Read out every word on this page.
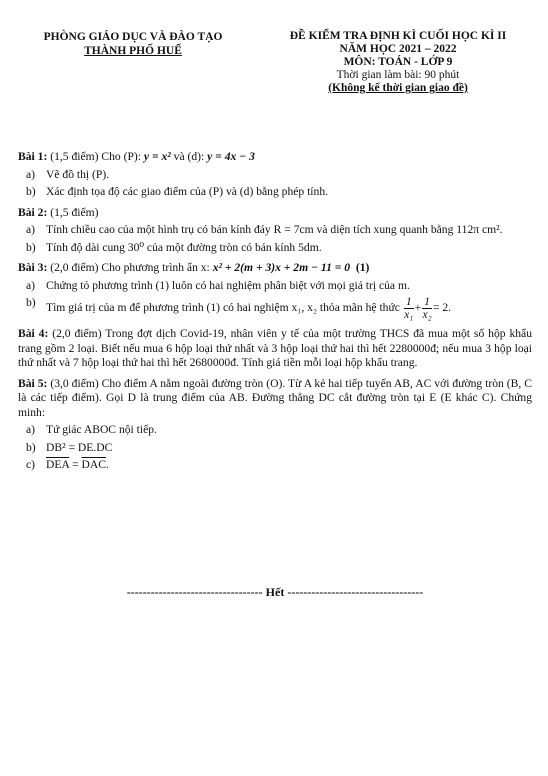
PHÒNG GIÁO DỤC VÀ ĐÀO TẠO
THÀNH PHỐ HUẾ
ĐỀ KIỂM TRA ĐỊNH KÌ CUỐI HỌC KÌ II
NĂM HỌC 2021 – 2022
MÔN: TOÁN - LỚP 9
Thời gian làm bài: 90 phút
(Không kể thời gian giao đề)
Bài 1: (1,5 điểm) Cho (P): y = x² và (d): y = 4x − 3
a) Vẽ đồ thị (P).
b) Xác định tọa độ các giao điểm của (P) và (d) bằng phép tính.
Bài 2: (1,5 điểm)
a) Tính chiều cao của một hình trụ có bán kính đáy R = 7cm và diện tích xung quanh bằng 112π cm².
b) Tính độ dài cung 30⁰ của một đường tròn có bán kính 5dm.
Bài 3: (2,0 điểm) Cho phương trình ẩn x: x² + 2(m + 3)x + 2m − 11 = 0 (1)
a) Chứng tỏ phương trình (1) luôn có hai nghiệm phân biệt với mọi giá trị của m.
b) Tìm giá trị của m để phương trình (1) có hai nghiệm x₁, x₂ thỏa mãn hệ thức $\frac{1}{\text{x₁}} + \frac{1}{\text{x₂}} = 2$.
Bài 4: (2,0 điểm) Trong đợt dịch Covid-19, nhân viên y tế của một trường THCS đã mua một số hộp khẩu trang gồm 2 loại. Biết nếu mua 6 hộp loại thứ nhất và 3 hộp loại thứ hai thì hết 2280000đ; nếu mua 3 hộp loại thứ nhất và 7 hộp loại thứ hai thì hết 2680000đ. Tính giá tiền mỗi loại hộp khẩu trang.
Bài 5: (3,0 điểm) Cho điểm A nằm ngoài đường tròn (O). Từ A kẻ hai tiếp tuyến AB, AC với đường tròn (B, C là các tiếp điểm). Gọi D là trung điểm của AB. Đường thẳng DC cắt đường tròn tại E (E khác C). Chứng minh:
a) Tứ giác ABOC nội tiếp.
b) DB² = DE.DC
c) $\overline{DEA} = \overline{DAC}$.
---------------------------------- Hết ----------------------------------
